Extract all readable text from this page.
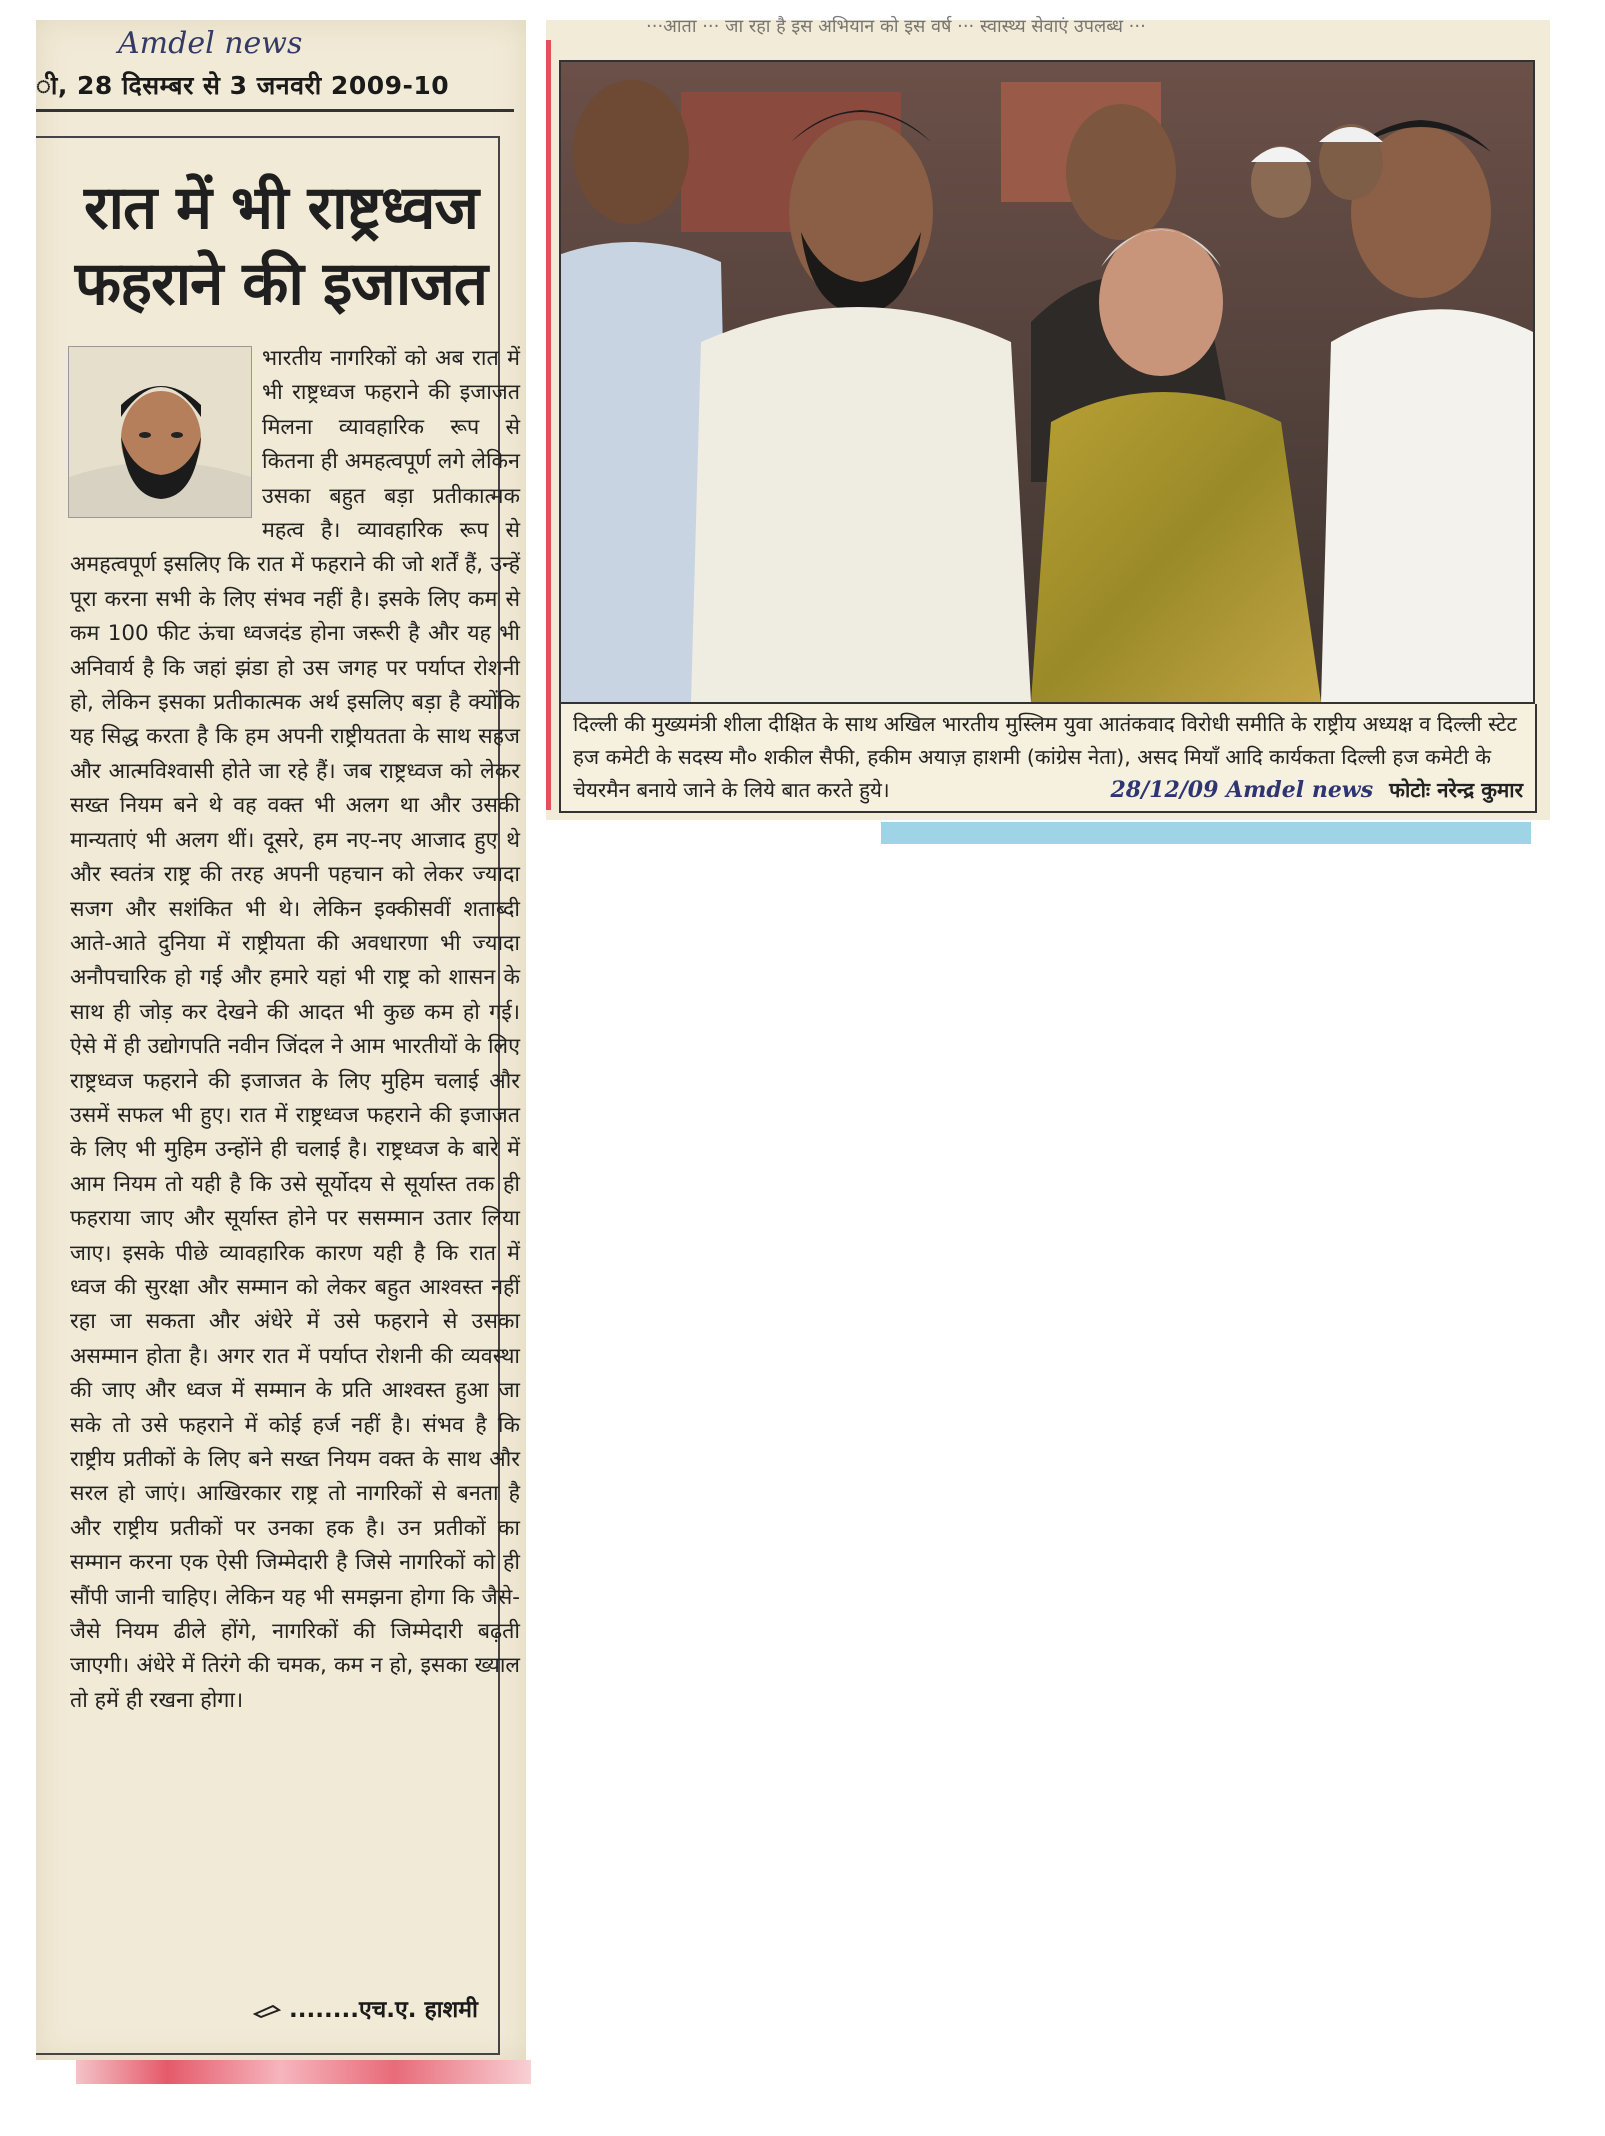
Amdel news
ी, 28 दिसम्बर से 3 जनवरी 2009-10
रात में भी राष्ट्रध्वज
फहराने की इजाजत
भारतीय नागरिकों को अब रात में भी राष्ट्रध्वज फहराने की इजाजत मिलना व्यावहारिक रूप से कितना ही अमहत्वपूर्ण लगे लेकिन उसका बहुत बड़ा प्रतीकात्मक महत्व है। व्यावहारिक रूप से अमहत्वपूर्ण इसलिए कि रात में फहराने की जो शर्तें हैं, उन्हें पूरा करना सभी के लिए संभव नहीं है। इसके लिए कम से कम 100 फीट ऊंचा ध्वजदंड होना जरूरी है और यह भी अनिवार्य है कि जहां झंडा हो उस जगह पर पर्याप्त रोशनी हो, लेकिन इसका प्रतीकात्मक अर्थ इसलिए बड़ा है क्योंकि यह सिद्ध करता है कि हम अपनी राष्ट्रीयतता के साथ सहज और आत्मविश्वासी होते जा रहे हैं। जब राष्ट्रध्वज को लेकर सख्त नियम बने थे वह वक्त भी अलग था और उसकी मान्यताएं भी अलग थीं। दूसरे, हम नए-नए आजाद हुए थे और स्वतंत्र राष्ट्र की तरह अपनी पहचान को लेकर ज्यादा सजग और सशंकित भी थे। लेकिन इक्कीसवीं शताब्दी आते-आते दुनिया में राष्ट्रीयता की अवधारणा भी ज्यादा अनौपचारिक हो गई और हमारे यहां भी राष्ट्र को शासन के साथ ही जोड़ कर देखने की आदत भी कुछ कम हो गई। ऐसे में ही उद्योगपति नवीन जिंदल ने आम भारतीयों के लिए राष्ट्रध्वज फहराने की इजाजत के लिए मुहिम चलाई और उसमें सफल भी हुए। रात में राष्ट्रध्वज फहराने की इजाजत के लिए भी मुहिम उन्होंने ही चलाई है। राष्ट्रध्वज के बारे में आम नियम तो यही है कि उसे सूर्योदय से सूर्यास्त तक ही फहराया जाए और सूर्यास्त होने पर ससम्मान उतार लिया जाए। इसके पीछे व्यावहारिक कारण यही है कि रात में ध्वज की सुरक्षा और सम्मान को लेकर बहुत आश्वस्त नहीं रहा जा सकता और अंधेरे में उसे फहराने से उसका असम्मान होता है। अगर रात में पर्याप्त रोशनी की व्यवस्था की जाए और ध्वज में सम्मान के प्रति आश्वस्त हुआ जा सके तो उसे फहराने में कोई हर्ज नहीं है। संभव है कि राष्ट्रीय प्रतीकों के लिए बने सख्त नियम वक्त के साथ और सरल हो जाएं। आखिरकार राष्ट्र तो नागरिकों से बनता है और राष्ट्रीय प्रतीकों पर उनका हक है। उन प्रतीकों का सम्मान करना एक ऐसी जिम्मेदारी है जिसे नागरिकों को ही सौंपी जानी चाहिए। लेकिन यह भी समझना होगा कि जैसे-जैसे नियम ढीले होंगे, नागरिकों की जिम्मेदारी बढ़ती जाएगी। अंधेरे में तिरंगे की चमक, कम न हो, इसका ख्याल तो हमें ही रखना होगा।
........एच.ए. हाशमी
···आता ··· जा रहा है इस अभियान को इस वर्ष ··· स्वास्थ्य सेवाएं उपलब्ध ···
दिल्ली की मुख्यमंत्री शीला दीक्षित के साथ अखिल भारतीय मुस्लिम युवा आतंकवाद विरोधी समीति के राष्ट्रीय अध्यक्ष व दिल्ली स्टेट हज कमेटी के सदस्य मौ० शकील सैफी, हकीम अयाज़ हाशमी (कांग्रेस नेता), असद मियाँ आदि कार्यकता दिल्ली हज कमेटी के चेयरमैन बनाये जाने के लिये बात करते हुये।	फोटोः नरेन्द्र कुमार
28/12/09 Amdel news
